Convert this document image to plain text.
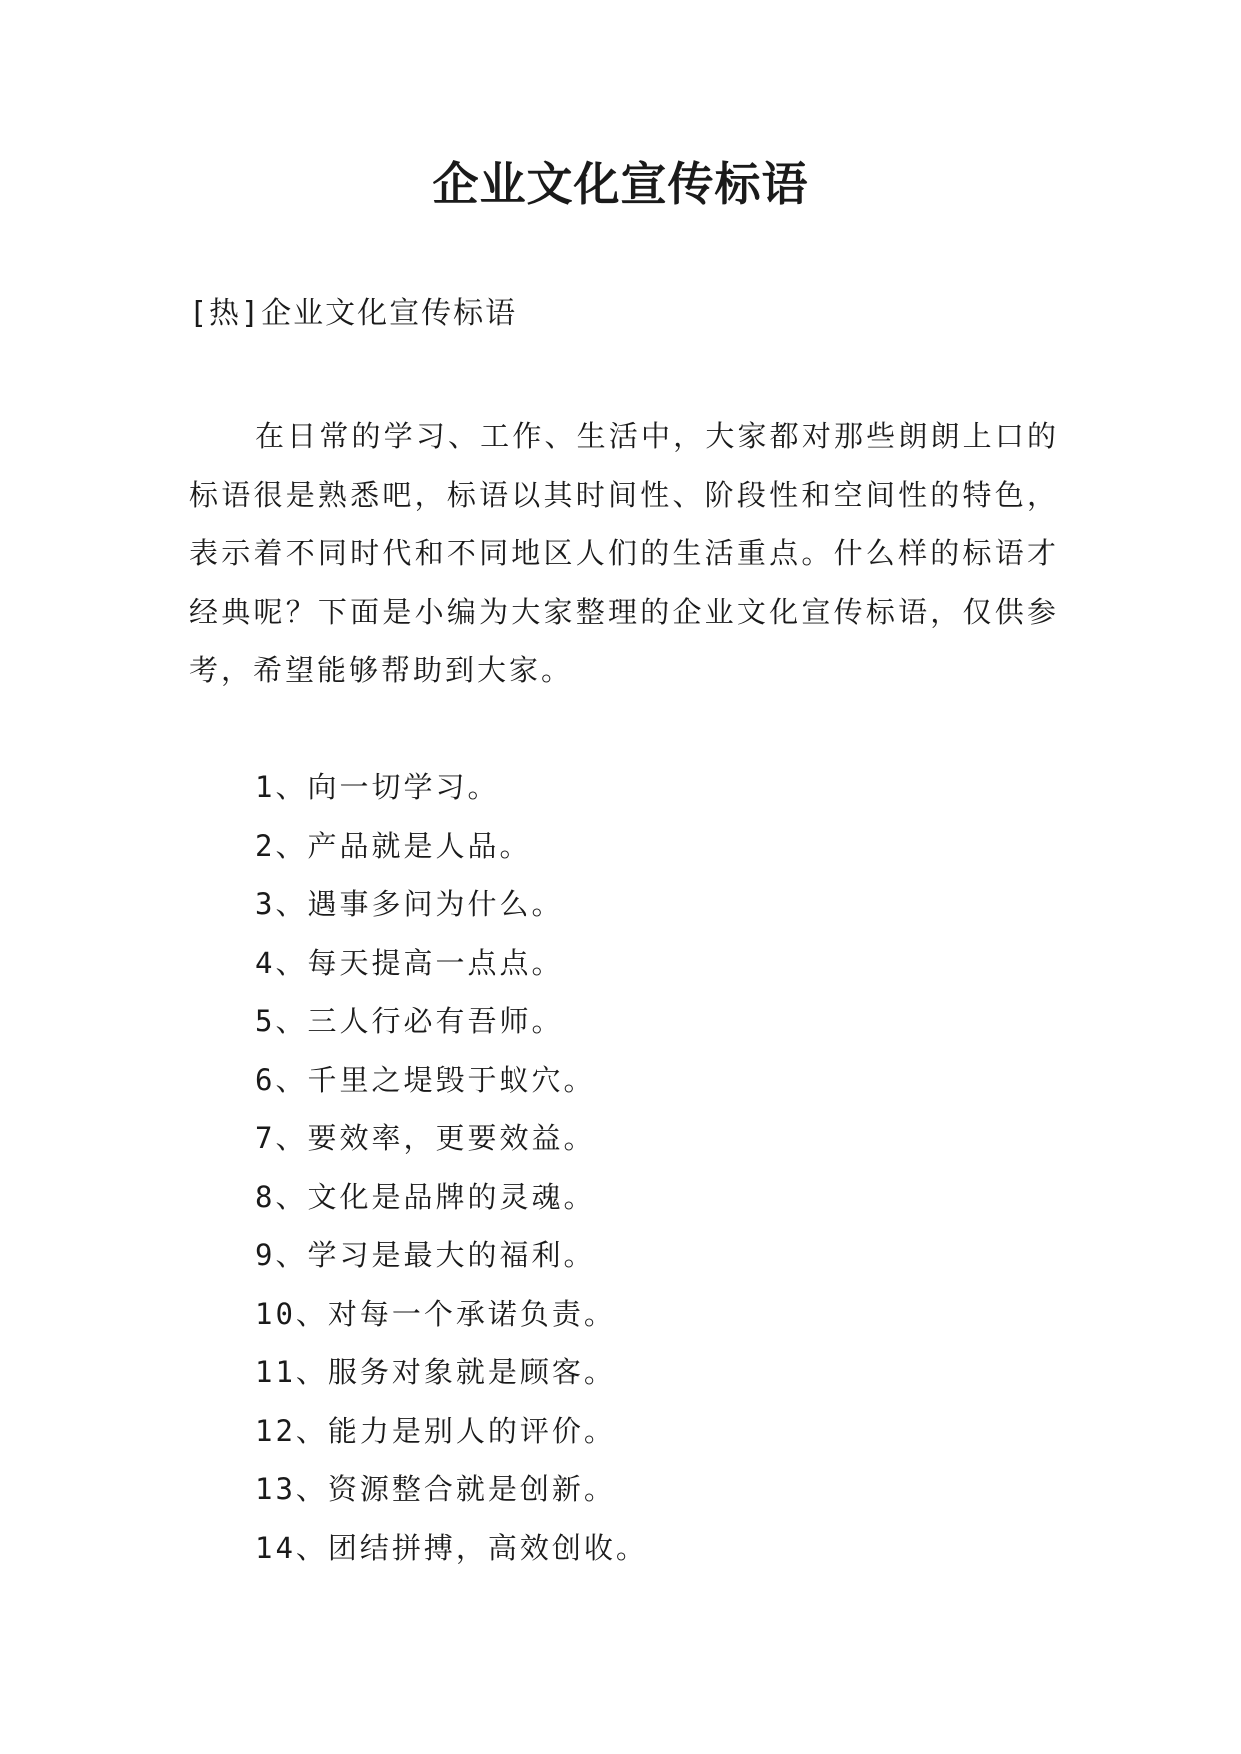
企业文化宣传标语
[热]企业文化宣传标语

在日常的学习、工作、生活中，大家都对那些朗朗上口的标语很是熟悉吧，标语以其时间性、阶段性和空间性的特色，表示着不同时代和不同地区人们的生活重点。什么样的标语才经典呢？下面是小编为大家整理的企业文化宣传标语，仅供参考，希望能够帮助到大家。

1、向一切学习。
2、产品就是人品。
3、遇事多问为什么。
4、每天提高一点点。
5、三人行必有吾师。
6、千里之堤毁于蚁穴。
7、要效率，更要效益。
8、文化是品牌的灵魂。
9、学习是最大的福利。
10、对每一个承诺负责。
11、服务对象就是顾客。
12、能力是别人的评价。
13、资源整合就是创新。
14、团结拼搏，高效创收。
